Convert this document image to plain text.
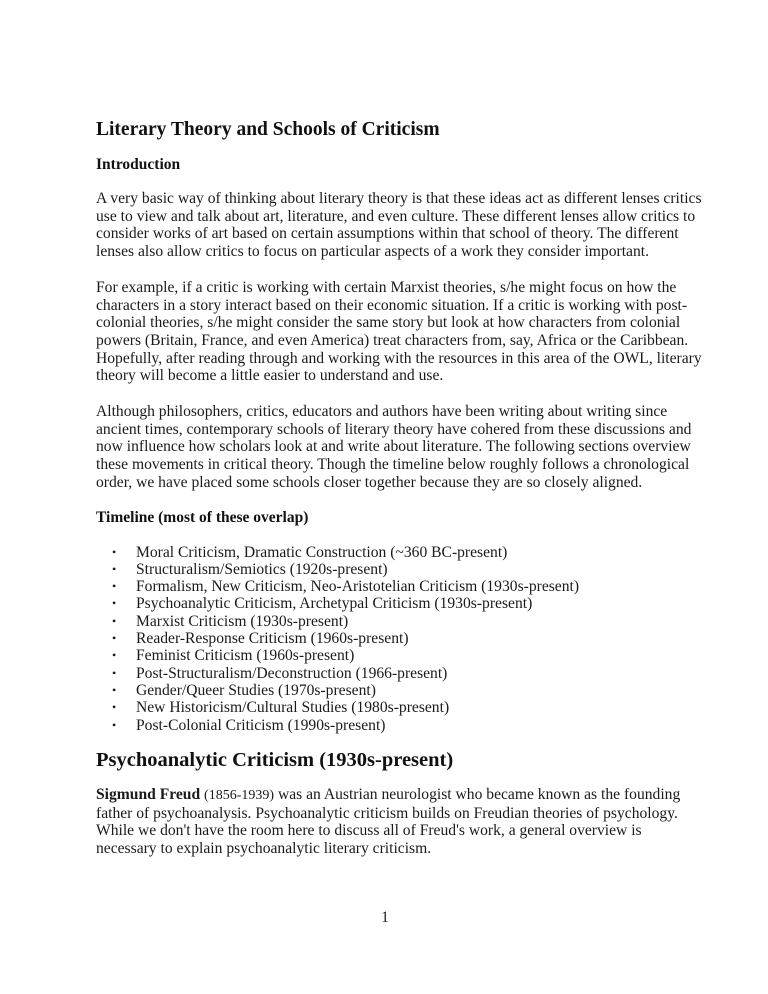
Literary Theory and Schools of Criticism
Introduction

A very basic way of thinking about literary theory is that these ideas act as different lenses critics
use to view and talk about art, literature, and even culture. These different lenses allow critics to
consider works of art based on certain assumptions within that school of theory. The different
lenses also allow critics to focus on particular aspects of a work they consider important.

For example, if a critic is working with certain Marxist theories, s/he might focus on how the
characters in a story interact based on their economic situation. If a critic is working with post-
colonial theories, s/he might consider the same story but look at how characters from colonial
powers (Britain, France, and even America) treat characters from, say, Africa or the Caribbean.
Hopefully, after reading through and working with the resources in this area of the OWL, literary
theory will become a little easier to understand and use.

Although philosophers, critics, educators and authors have been writing about writing since
ancient times, contemporary schools of literary theory have cohered from these discussions and
now influence how scholars look at and write about literature. The following sections overview
these movements in critical theory. Though the timeline below roughly follows a chronological
order, we have placed some schools closer together because they are so closely aligned.

Timeline (most of these overlap)
• Moral Criticism, Dramatic Construction (~360 BC-present)
• Structuralism/Semiotics (1920s-present)
• Formalism, New Criticism, Neo-Aristotelian Criticism (1930s-present)
• Psychoanalytic Criticism, Archetypal Criticism (1930s-present)
• Marxist Criticism (1930s-present)
• Reader-Response Criticism (1960s-present)
• Feminist Criticism (1960s-present)
• Post-Structuralism/Deconstruction (1966-present)
• Gender/Queer Studies (1970s-present)
• New Historicism/Cultural Studies (1980s-present)
• Post-Colonial Criticism (1990s-present)
Psychoanalytic Criticism (1930s-present)

Sigmund Freud (1856-1939) was an Austrian neurologist who became known as the founding
father of psychoanalysis. Psychoanalytic criticism builds on Freudian theories of psychology.
While we don't have the room here to discuss all of Freud's work, a general overview is
necessary to explain psychoanalytic literary criticism.

1
